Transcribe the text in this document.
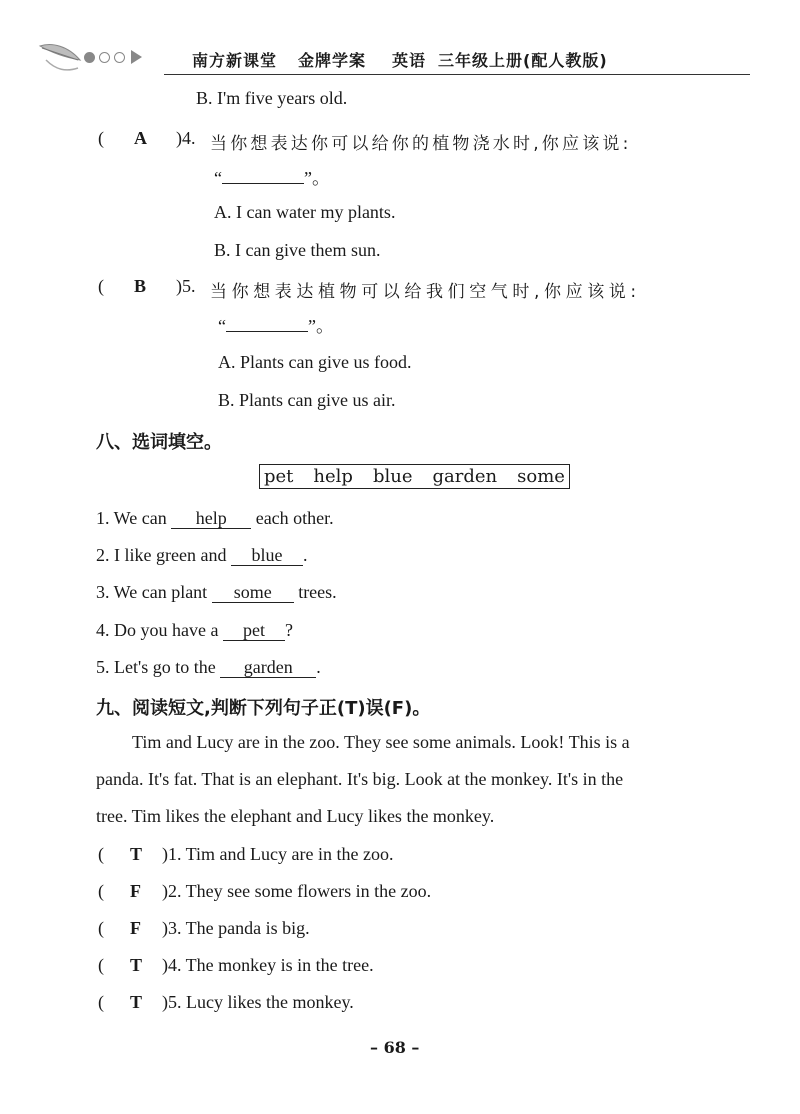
南方新课堂 金牌学案 英语 三年级上册(配人教版)
B. I'm five years old.
( A )4. 当你想表达你可以给你的植物浇水时,你应该说:
“	”。
A. I can water my plants.
B. I can give them sun.
( B )5. 当你想表达植物可以给我们空气时,你应该说:
“	”。
A. Plants can give us food.
B. Plants can give us air.
八、选词填空。
pet help blue garden some
1. We can help each other.
2. I like green and blue .
3. We can plant some trees.
4. Do you have a pet ?
5. Let's go to the garden .
九、阅读短文,判断下列句子正(T)误(F)。
Tim and Lucy are in the zoo. They see some animals. Look! This is a
panda. It's fat. That is an elephant. It's big. Look at the monkey. It's in the
tree. Tim likes the elephant and Lucy likes the monkey.
( T )1. Tim and Lucy are in the zoo.
( F )2. They see some flowers in the zoo.
( F )3. The panda is big.
( T )4. The monkey is in the tree.
( T )5. Lucy likes the monkey.
– 68 –
